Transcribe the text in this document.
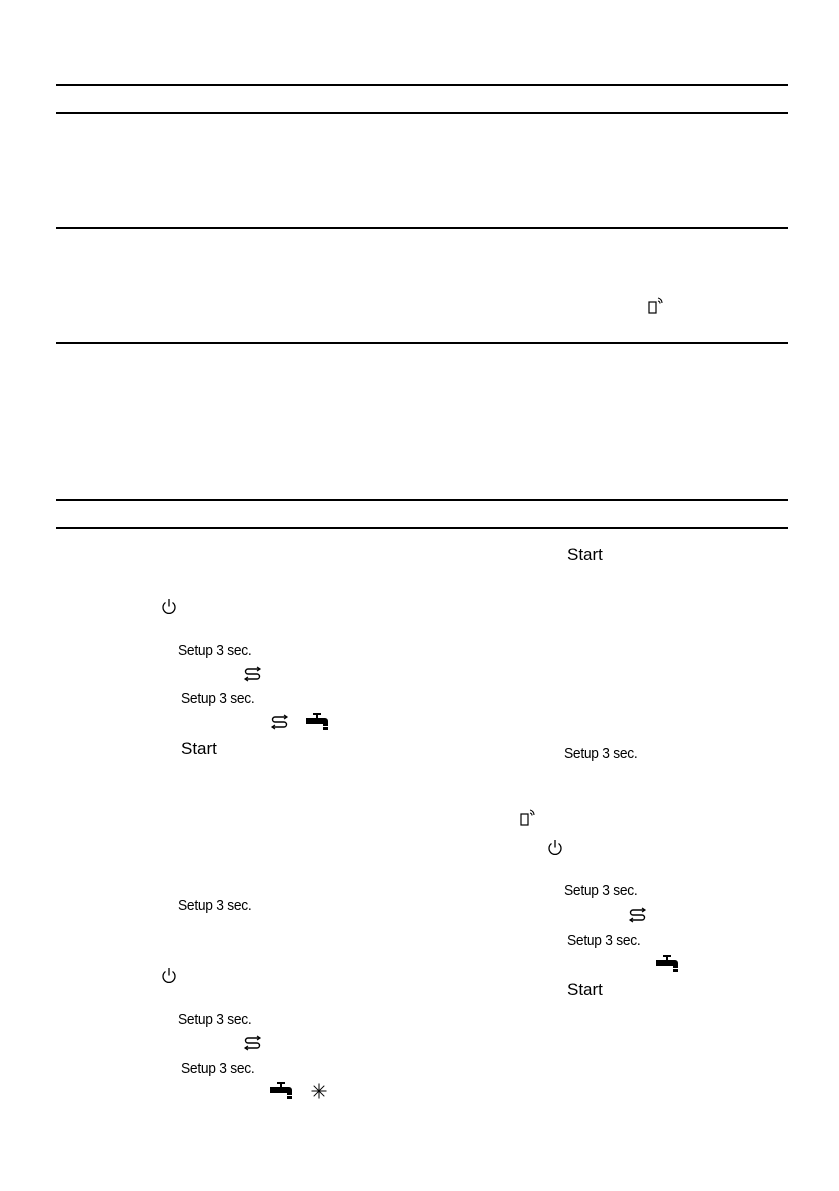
Start
Setup 3 sec.
Setup 3 sec.
Start	Setup 3 sec.
Setup 3 sec.
Setup 3 sec.
Start
Setup 3 sec.
Setup 3 sec.
Setup 3 sec.
